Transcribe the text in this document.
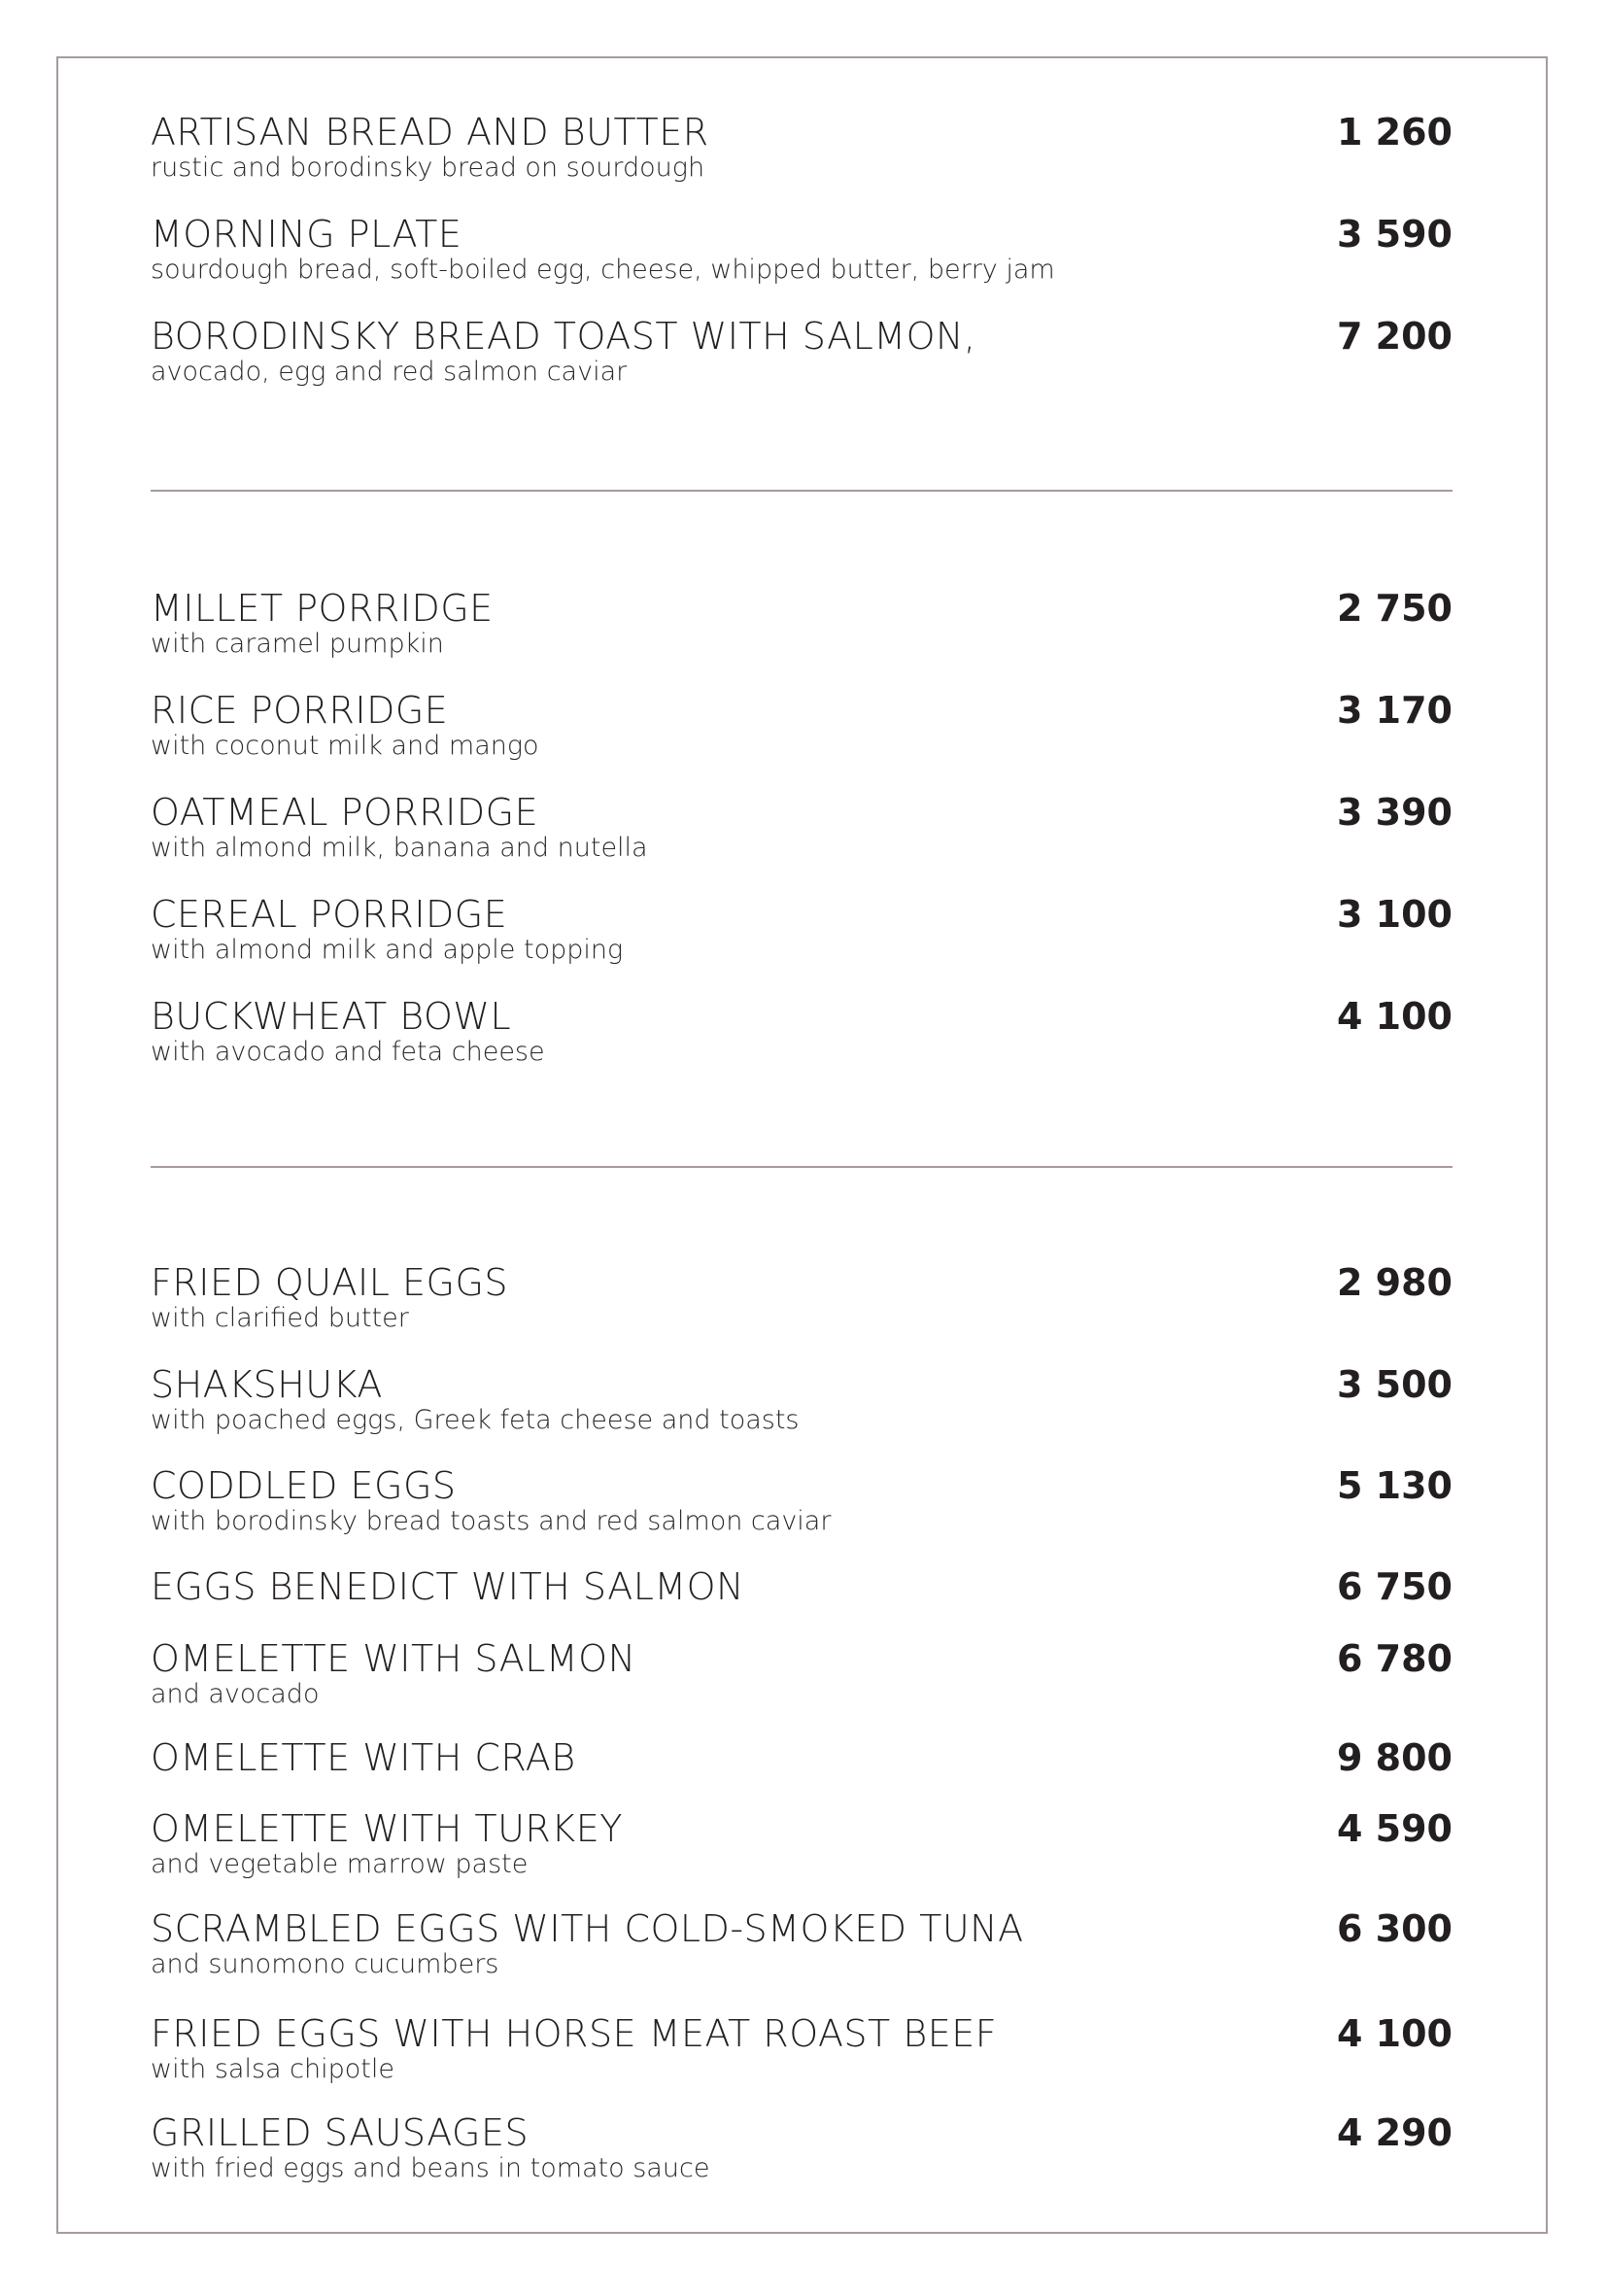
ARTISAN BREAD AND BUTTER
rustic and borodinsky bread on sourdough
1 260
MORNING PLATE
sourdough bread, soft-boiled egg, cheese, whipped butter, berry jam
3 590
BORODINSKY BREAD TOAST WITH SALMON,
avocado, egg and red salmon caviar
7 200
MILLET PORRIDGE
with caramel pumpkin
2 750
RICE PORRIDGE
with coconut milk and mango
3 170
OATMEAL PORRIDGE
with almond milk, banana and nutella
3 390
CEREAL PORRIDGE
with almond milk and apple topping
3 100
BUCKWHEAT BOWL
with avocado and feta cheese
4 100
FRIED QUAIL EGGS
with clarified butter
2 980
SHAKSHUKA
with poached eggs, Greek feta cheese and toasts
3 500
CODDLED EGGS
with borodinsky bread toasts and red salmon caviar
5 130
EGGS BENEDICT WITH SALMON	6 750
OMELETTE WITH SALMON
and avocado
6 780
OMELETTE WITH CRAB	9 800
OMELETTE WITH TURKEY
and vegetable marrow paste
4 590
SCRAMBLED EGGS WITH COLD-SMOKED TUNA
and sunomono cucumbers
6 300
FRIED EGGS WITH HORSE MEAT ROAST BEEF
with salsa chipotle
4 100
GRILLED SAUSAGES
with fried eggs and beans in tomato sauce
4 290
